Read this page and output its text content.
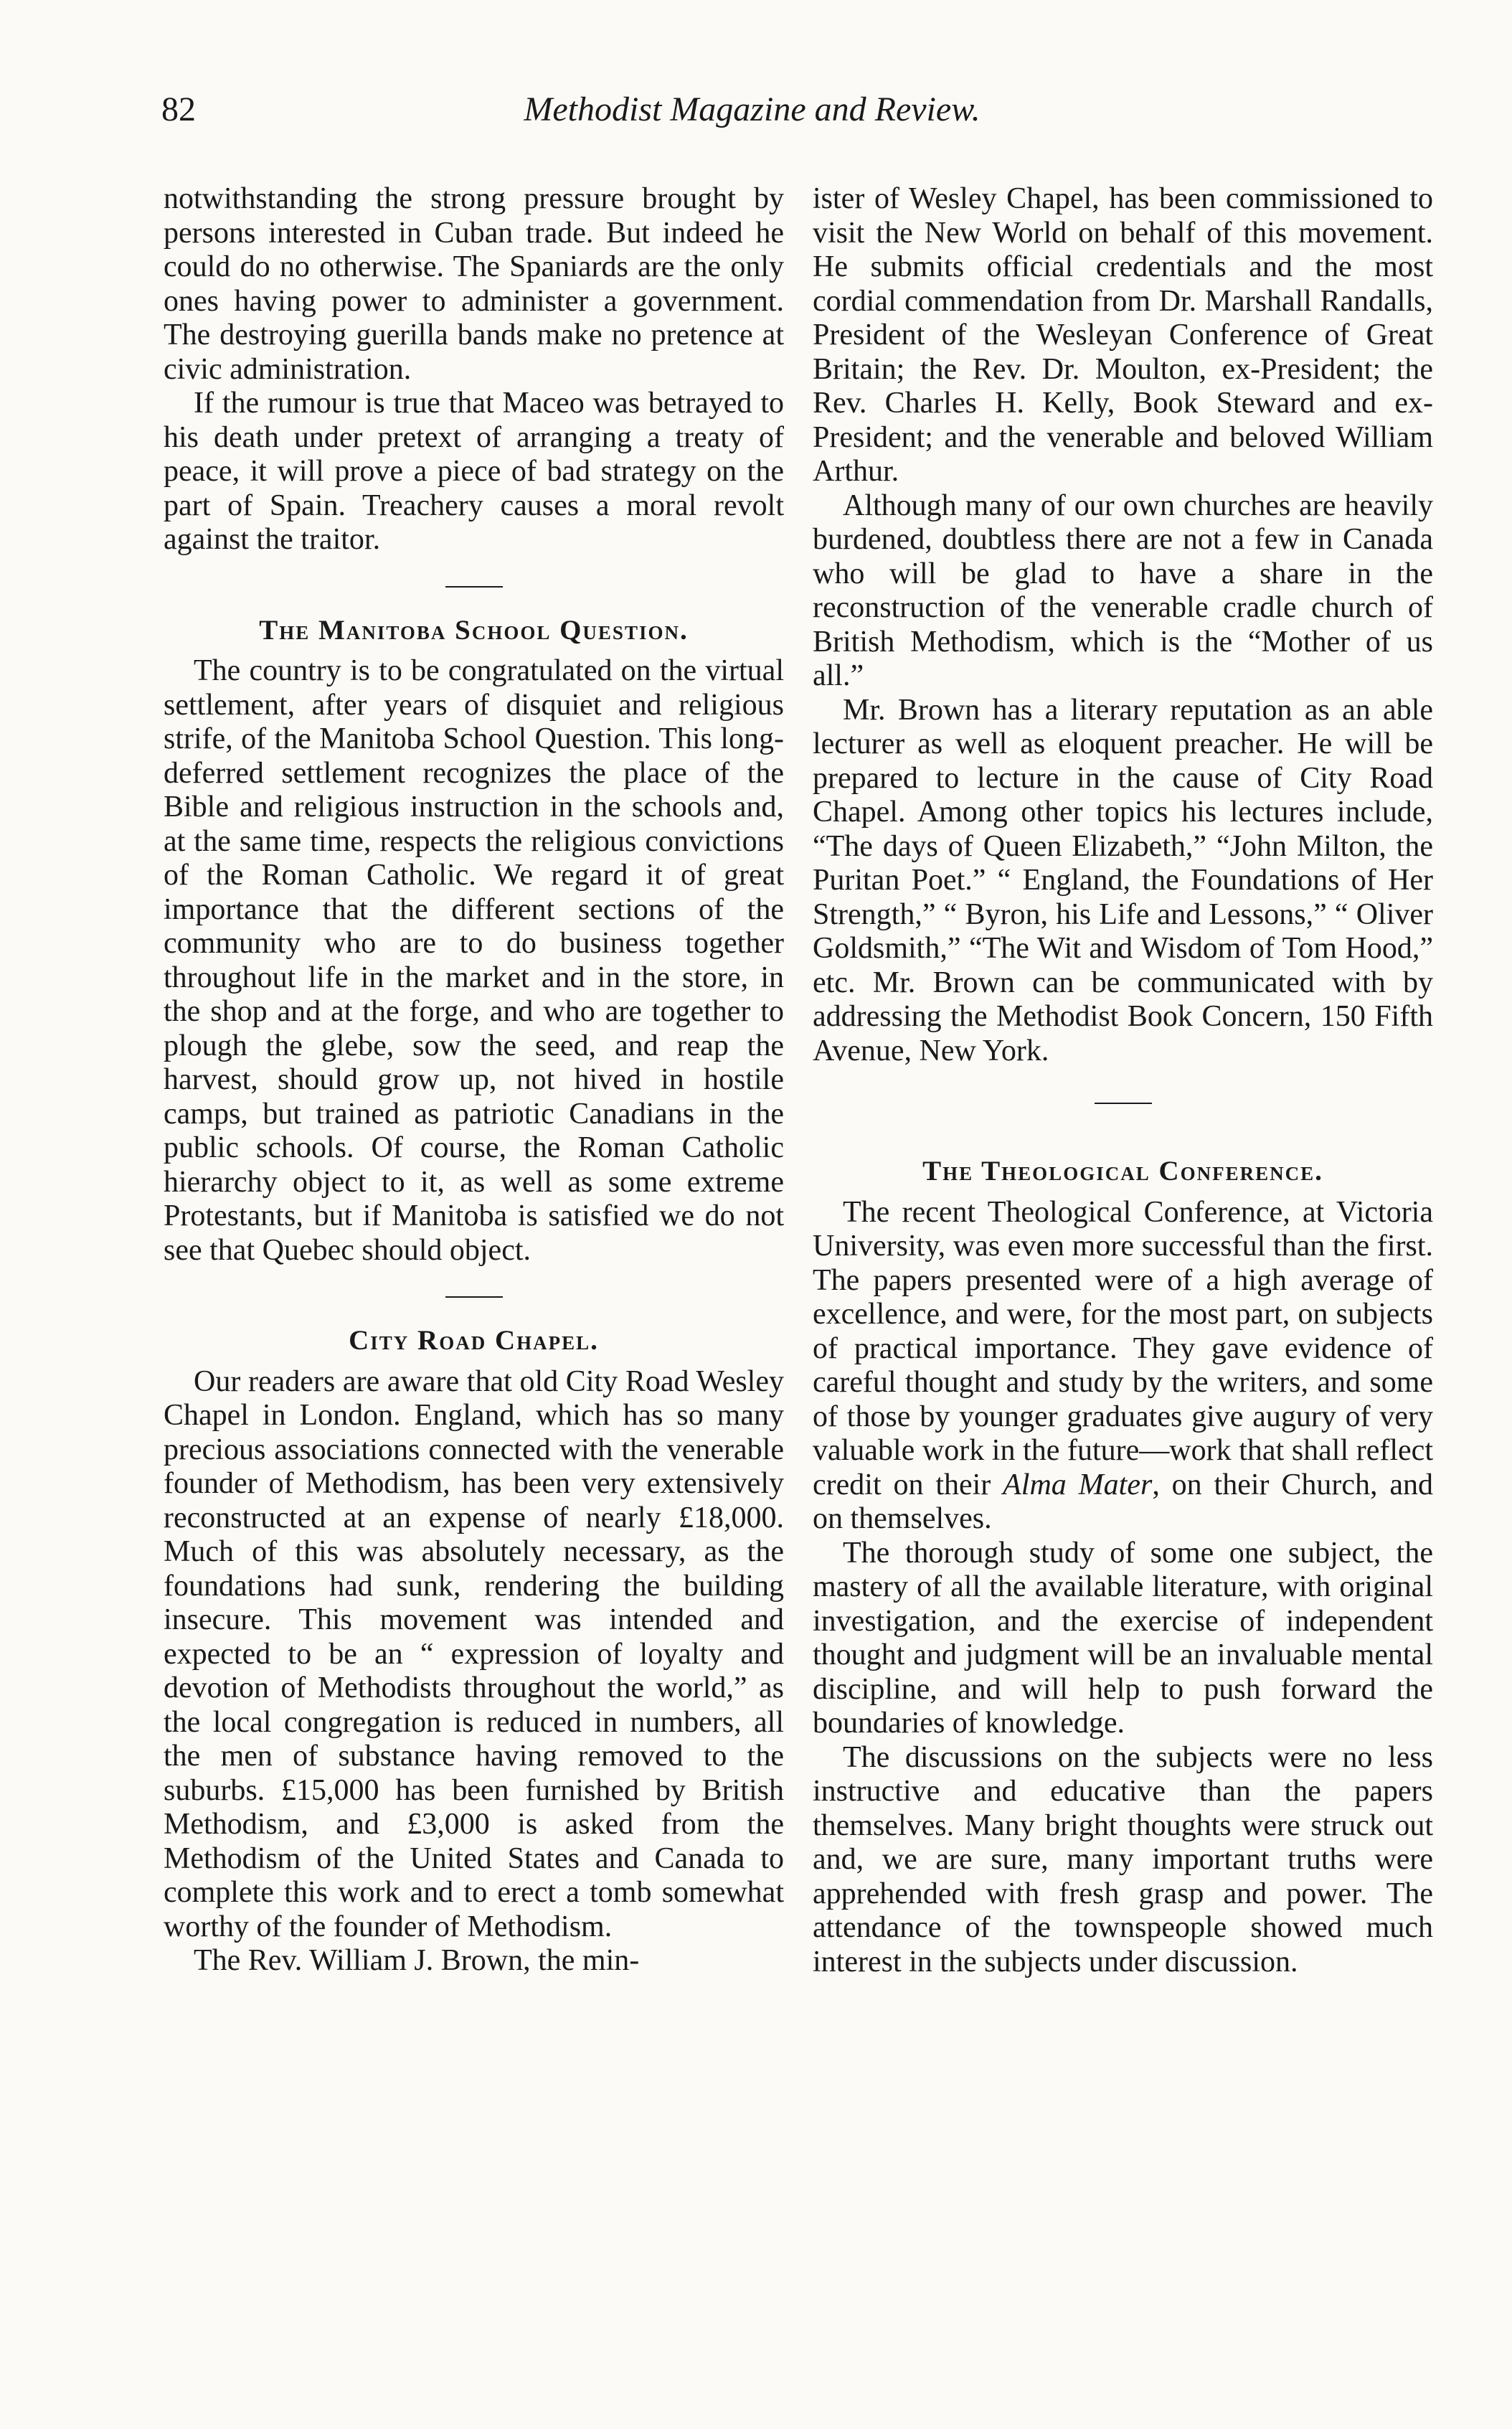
82	Methodist Magazine and Review.

notwithstanding the strong pressure brought by persons interested in Cuban trade. But indeed he could do no otherwise. The Spaniards are the only ones having power to administer a government. The destroying guerilla bands make no pretence at civic administration.

If the rumour is true that Maceo was betrayed to his death under pretext of arranging a treaty of peace, it will prove a piece of bad strategy on the part of Spain. Treachery causes a moral revolt against the traitor.

The Manitoba School Question.

The country is to be congratulated on the virtual settlement, after years of disquiet and religious strife, of the Manitoba School Question. This long-deferred settlement recognizes the place of the Bible and religious instruction in the schools and, at the same time, respects the religious convictions of the Roman Catholic. We regard it of great importance that the different sections of the community who are to do business together throughout life in the market and in the store, in the shop and at the forge, and who are together to plough the glebe, sow the seed, and reap the harvest, should grow up, not hived in hostile camps, but trained as patriotic Canadians in the public schools. Of course, the Roman Catholic hierarchy object to it, as well as some extreme Protestants, but if Manitoba is satisfied we do not see that Quebec should object.

City Road Chapel.

Our readers are aware that old City Road Wesley Chapel in London. England, which has so many precious associations connected with the venerable founder of Methodism, has been very extensively reconstructed at an expense of nearly £18,000. Much of this was absolutely necessary, as the foundations had sunk, rendering the building insecure. This movement was intended and expected to be an “ expression of loyalty and devotion of Methodists throughout the world,” as the local congregation is reduced in numbers, all the men of substance having removed to the suburbs. £15,000 has been furnished by British Methodism, and £3,000 is asked from the Methodism of the United States and Canada to complete this work and to erect a tomb somewhat worthy of the founder of Methodism.

The Rev. William J. Brown, the min-

ister of Wesley Chapel, has been commissioned to visit the New World on behalf of this movement. He submits official credentials and the most cordial commendation from Dr. Marshall Randalls, President of the Wesleyan Conference of Great Britain; the Rev. Dr. Moulton, ex-President; the Rev. Charles H. Kelly, Book Steward and ex-President; and the venerable and beloved William Arthur.

Although many of our own churches are heavily burdened, doubtless there are not a few in Canada who will be glad to have a share in the reconstruction of the venerable cradle church of British Methodism, which is the “Mother of us all.”

Mr. Brown has a literary reputation as an able lecturer as well as eloquent preacher. He will be prepared to lecture in the cause of City Road Chapel. Among other topics his lectures include, “The days of Queen Elizabeth,” “John Milton, the Puritan Poet.” “ England, the Foundations of Her Strength,” “ Byron, his Life and Lessons,” “ Oliver Goldsmith,” “The Wit and Wisdom of Tom Hood,” etc. Mr. Brown can be communicated with by addressing the Methodist Book Concern, 150 Fifth Avenue, New York.

The Theological Conference.

The recent Theological Conference, at Victoria University, was even more successful than the first. The papers presented were of a high average of excellence, and were, for the most part, on subjects of practical importance. They gave evidence of careful thought and study by the writers, and some of those by younger graduates give augury of very valuable work in the future—work that shall reflect credit on their Alma Mater, on their Church, and on themselves.

The thorough study of some one subject, the mastery of all the available literature, with original investigation, and the exercise of independent thought and judgment will be an invaluable mental discipline, and will help to push forward the boundaries of knowledge.

The discussions on the subjects were no less instructive and educative than the papers themselves. Many bright thoughts were struck out and, we are sure, many important truths were apprehended with fresh grasp and power. The attendance of the townspeople showed much interest in the subjects under discussion.
